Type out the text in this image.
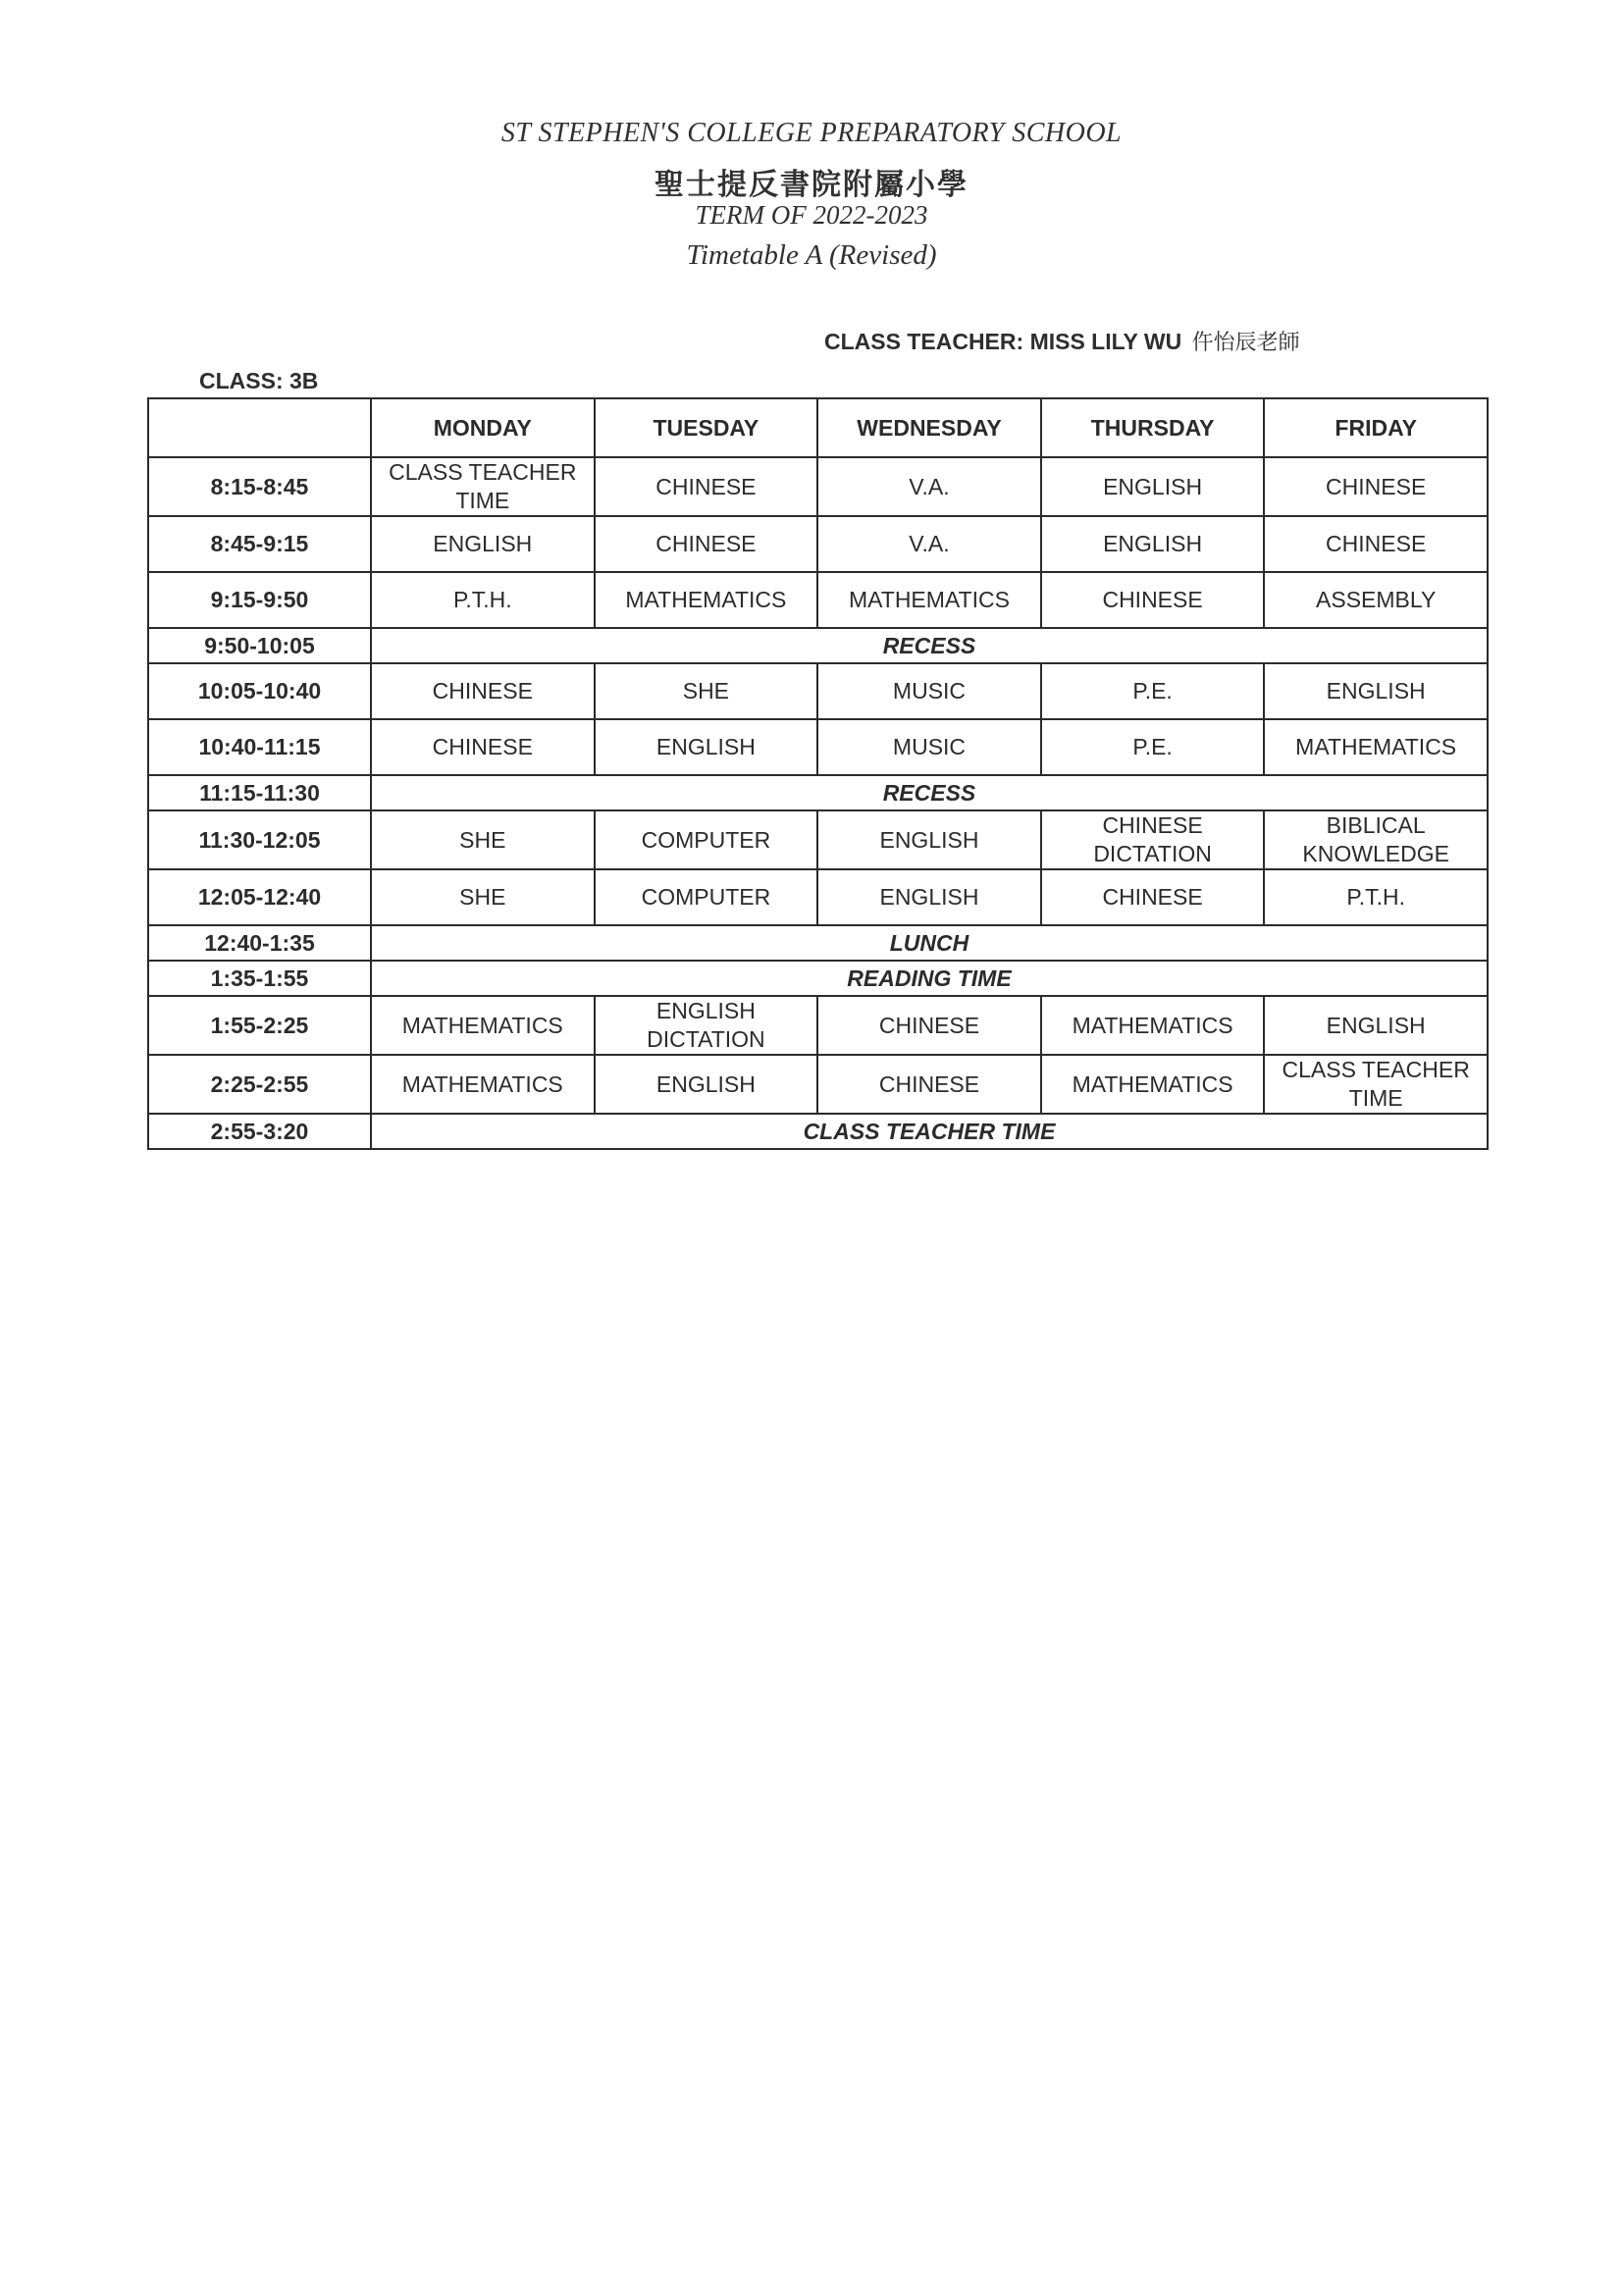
ST STEPHEN'S COLLEGE PREPARATORY SCHOOL
聖士提反書院附屬小學
TERM OF 2022-2023
Timetable A (Revised)
CLASS TEACHER: MISS LILY WU 仵怡辰老師
CLASS: 3B
	MONDAY	TUESDAY	WEDNESDAY	THURSDAY	FRIDAY
8:15-8:45	CLASS TEACHER TIME	CHINESE	V.A.	ENGLISH	CHINESE
8:45-9:15	ENGLISH	CHINESE	V.A.	ENGLISH	CHINESE
9:15-9:50	P.T.H.	MATHEMATICS	MATHEMATICS	CHINESE	ASSEMBLY
9:50-10:05	RECESS				
10:05-10:40	CHINESE	SHE	MUSIC	P.E.	ENGLISH
10:40-11:15	CHINESE	ENGLISH	MUSIC	P.E.	MATHEMATICS
11:15-11:30	RECESS				
11:30-12:05	SHE	COMPUTER	ENGLISH	CHINESE DICTATION	BIBLICAL KNOWLEDGE
12:05-12:40	SHE	COMPUTER	ENGLISH	CHINESE	P.T.H.
12:40-1:35	LUNCH				
1:35-1:55	READING TIME				
1:55-2:25	MATHEMATICS	ENGLISH DICTATION	CHINESE	MATHEMATICS	ENGLISH
2:25-2:55	MATHEMATICS	ENGLISH	CHINESE	MATHEMATICS	CLASS TEACHER TIME
2:55-3:20	CLASS TEACHER TIME				
